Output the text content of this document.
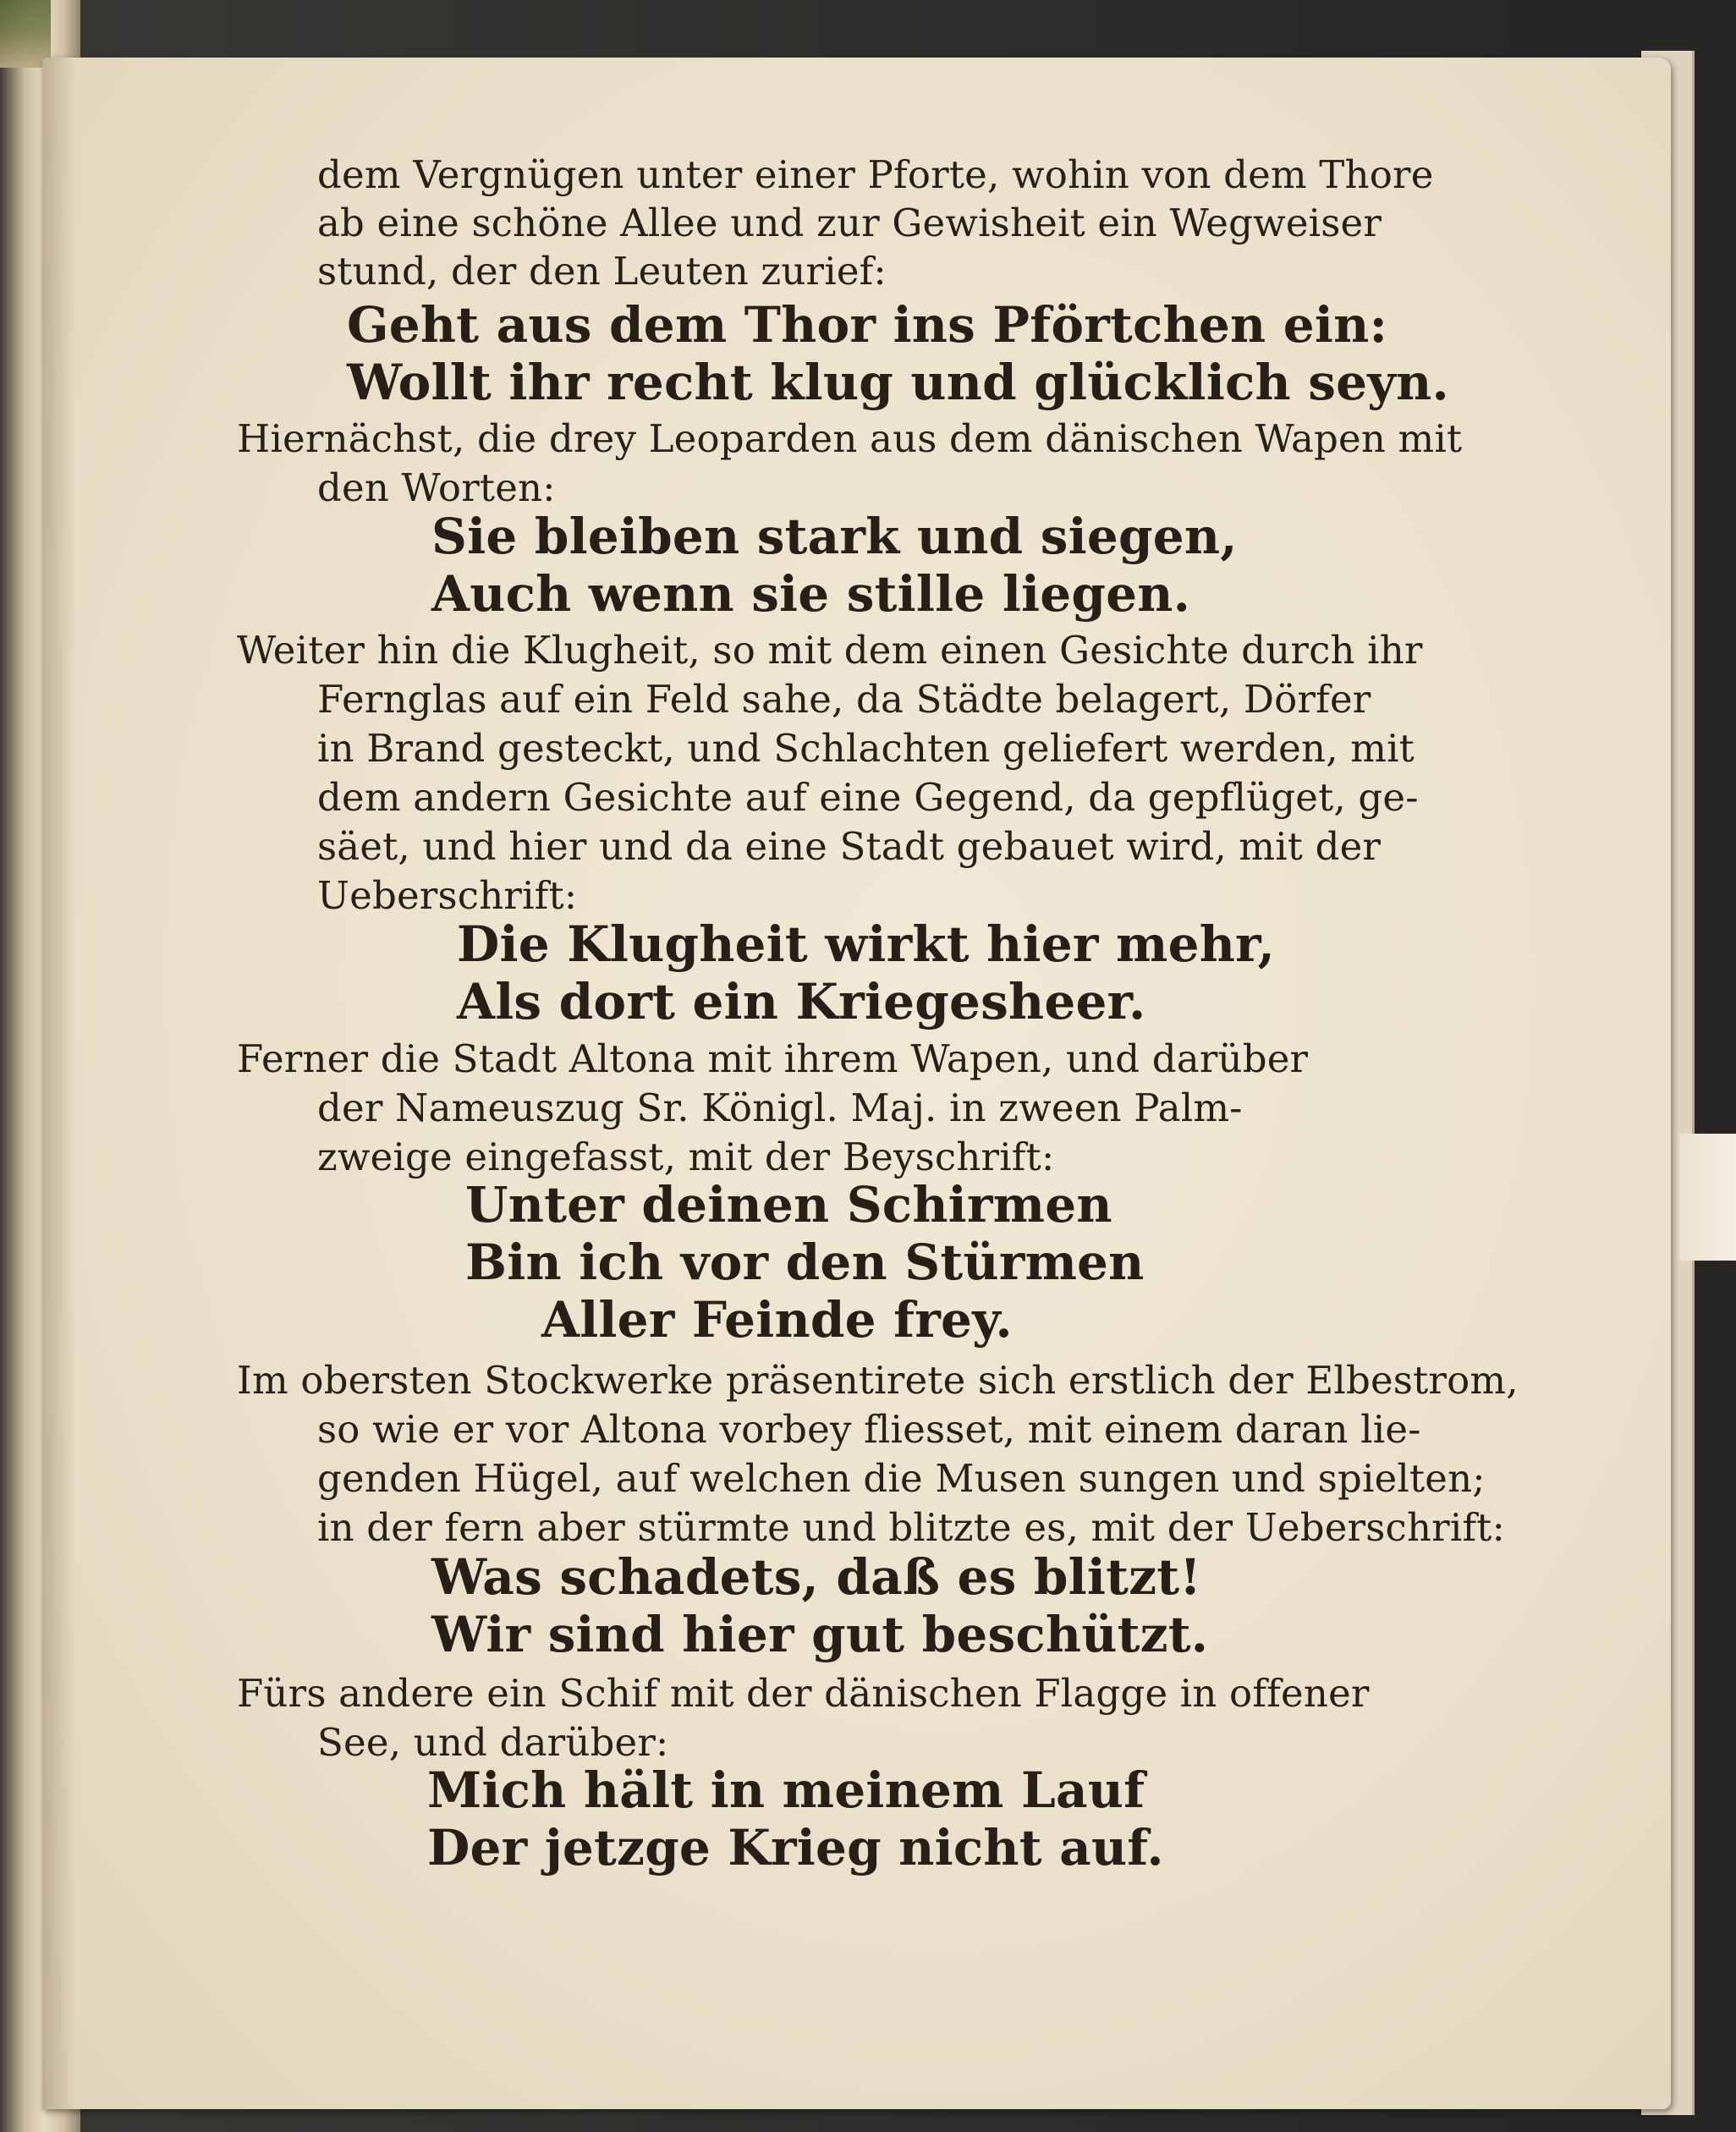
dem Vergnügen unter einer Pforte, wohin von dem Thore
ab eine schöne Allee und zur Gewisheit ein Wegweiser
stund, der den Leuten zurief:
Geht aus dem Thor ins Pförtchen ein:
Wollt ihr recht klug und glücklich seyn.
Hiernächst, die drey Leoparden aus dem dänischen Wapen mit
den Worten:
Sie bleiben stark und siegen,
Auch wenn sie stille liegen.
Weiter hin die Klugheit, so mit dem einen Gesichte durch ihr
Fernglas auf ein Feld sahe, da Städte belagert, Dörfer
in Brand gesteckt, und Schlachten geliefert werden, mit
dem andern Gesichte auf eine Gegend, da gepflüget, ge-
säet, und hier und da eine Stadt gebauet wird, mit der
Ueberschrift:
Die Klugheit wirkt hier mehr,
Als dort ein Kriegesheer.
Ferner die Stadt Altona mit ihrem Wapen, und darüber
der Nameuszug Sr. Königl. Maj. in zween Palm-
zweige eingefasst, mit der Beyschrift:
Unter deinen Schirmen
Bin ich vor den Stürmen
Aller Feinde frey.
Im obersten Stockwerke präsentirete sich erstlich der Elbestrom,
so wie er vor Altona vorbey fliesset, mit einem daran lie-
genden Hügel, auf welchen die Musen sungen und spielten;
in der fern aber stürmte und blitzte es, mit der Ueberschrift:
Was schadets, daß es blitzt!
Wir sind hier gut beschützt.
Fürs andere ein Schif mit der dänischen Flagge in offener
See, und darüber:
Mich hält in meinem Lauf
Der jetzge Krieg nicht auf.
